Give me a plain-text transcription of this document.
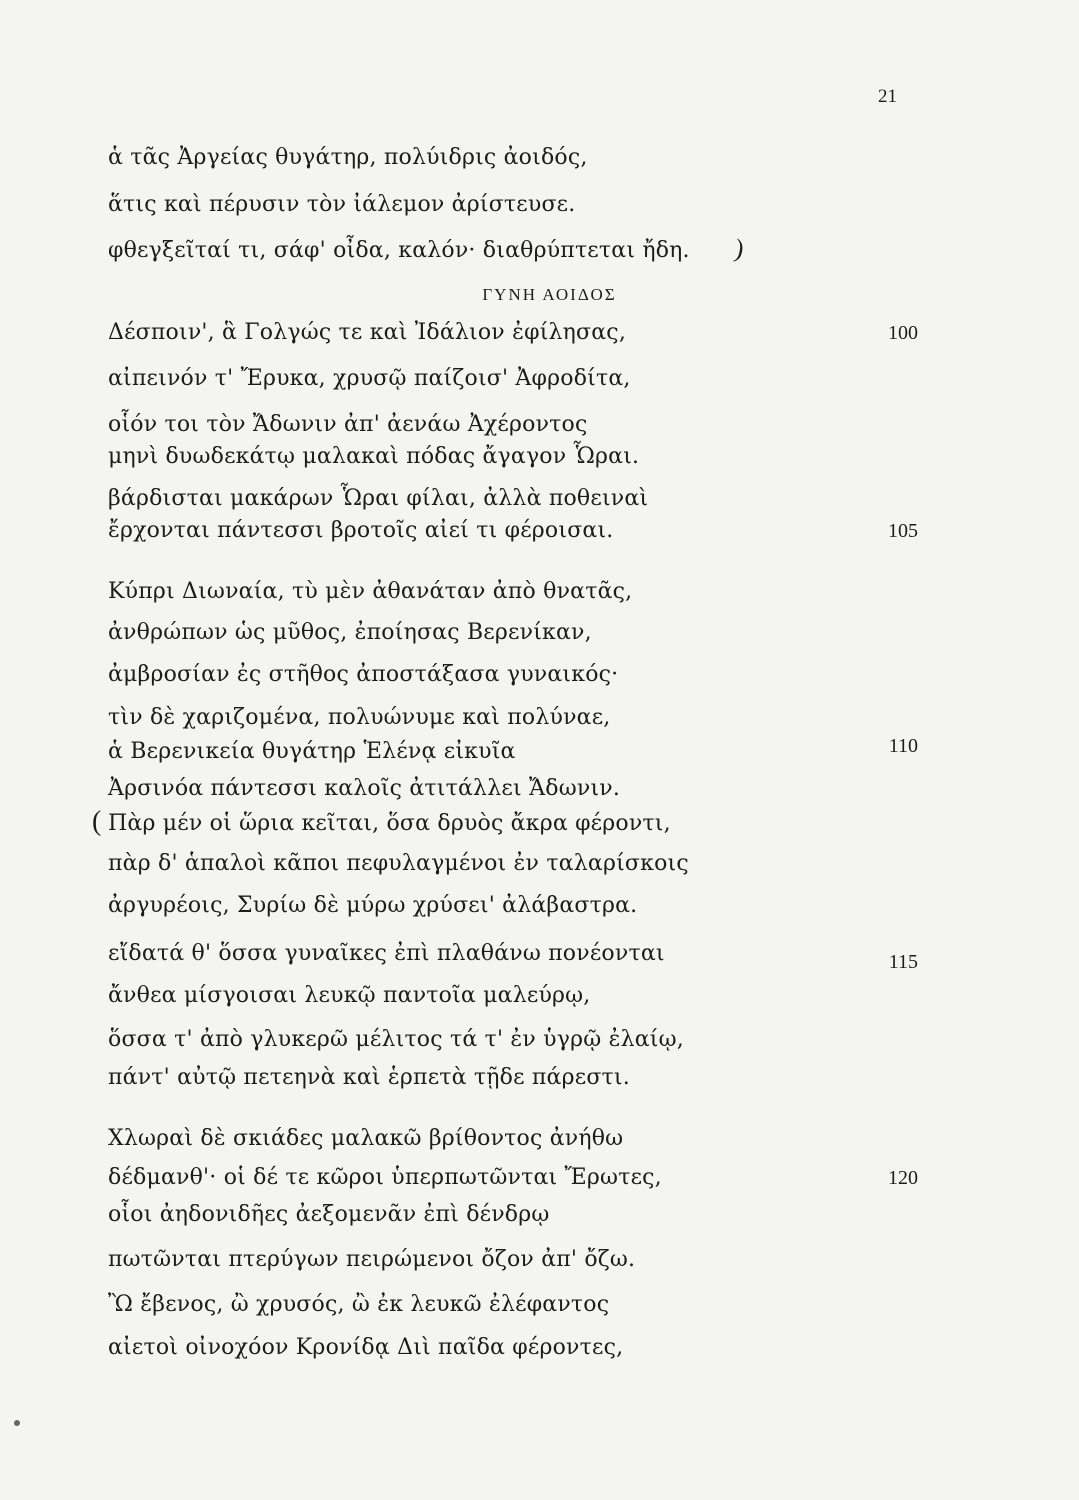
21
ἁ τᾶς Ἀργείας θυγάτηρ, πολύιδρις ἀοιδός,
ἅτις καὶ πέρυσιν τὸν ἰάλεμον ἀρίστευσε.
φθεγξεῖταί τι, σάφ' οἶδα, καλόν· διαθρύπτεται ἤδη.	)
ΓΥΝΗ ΑΟΙΔΟΣ
Δέσποιν', ἃ Γολγώς τε καὶ Ἰδάλιον ἐφίλησας,	100
αἰπεινόν τ' Ἔρυκα, χρυσῷ παίζοισ' Ἀφροδίτα,
οἷόν τοι τὸν Ἄδωνιν ἀπ' ἀενάω Ἀχέροντος
μηνὶ δυωδεκάτῳ μαλακαὶ πόδας ἄγαγον Ὧραι.
βάρδισται μακάρων Ὧραι φίλαι, ἀλλὰ ποθειναὶ
ἔρχονται πάντεσσι βροτοῖς αἰεί τι φέροισαι.	105
Κύπρι Διωναία, τὺ μὲν ἀθανάταν ἀπὸ θνατᾶς,
ἀνθρώπων ὡς μῦθος, ἐποίησας Βερενίκαν,
ἀμβροσίαν ἐς στῆθος ἀποστάξασα γυναικός·
τὶν δὲ χαριζομένα, πολυώνυμε καὶ πολύναε,
ἁ Βερενικεία θυγάτηρ Ἑλένᾳ εἰκυῖα	110
Ἀρσινόα πάντεσσι καλοῖς ἀτιτάλλει Ἄδωνιν.
( Πὰρ μέν οἱ ὥρια κεῖται, ὅσα δρυὸς ἄκρα φέροντι,
πὰρ δ' ἁπαλοὶ κᾶποι πεφυλαγμένοι ἐν ταλαρίσκοις
ἀργυρέοις, Συρίω δὲ μύρω χρύσει' ἀλάβαστρα.
εἴδατά θ' ὅσσα γυναῖκες ἐπὶ πλαθάνω πονέονται	115
ἄνθεα μίσγοισαι λευκῷ παντοῖα μαλεύρῳ,
ὅσσα τ' ἀπὸ γλυκερῶ μέλιτος τά τ' ἐν ὑγρῷ ἐλαίῳ,
πάντ' αὐτῷ πετεηνὰ καὶ ἑρπετὰ τῇδε πάρεστι.
Χλωραὶ δὲ σκιάδες μαλακῶ βρίθοντος ἀνήθω
δέδμανθ'· οἱ δέ τε κῶροι ὑπερπωτῶνται Ἔρωτες,	120
οἷοι ἀηδονιδῆες ἀεξομενᾶν ἐπὶ δένδρῳ
πωτῶνται πτερύγων πειρώμενοι ὄζον ἀπ' ὄζω.
Ὢ ἔβενος, ὢ χρυσός, ὢ ἐκ λευκῶ ἐλέφαντος
αἰετοὶ οἰνοχόον Κρονίδᾳ Διὶ παῖδα φέροντες,
